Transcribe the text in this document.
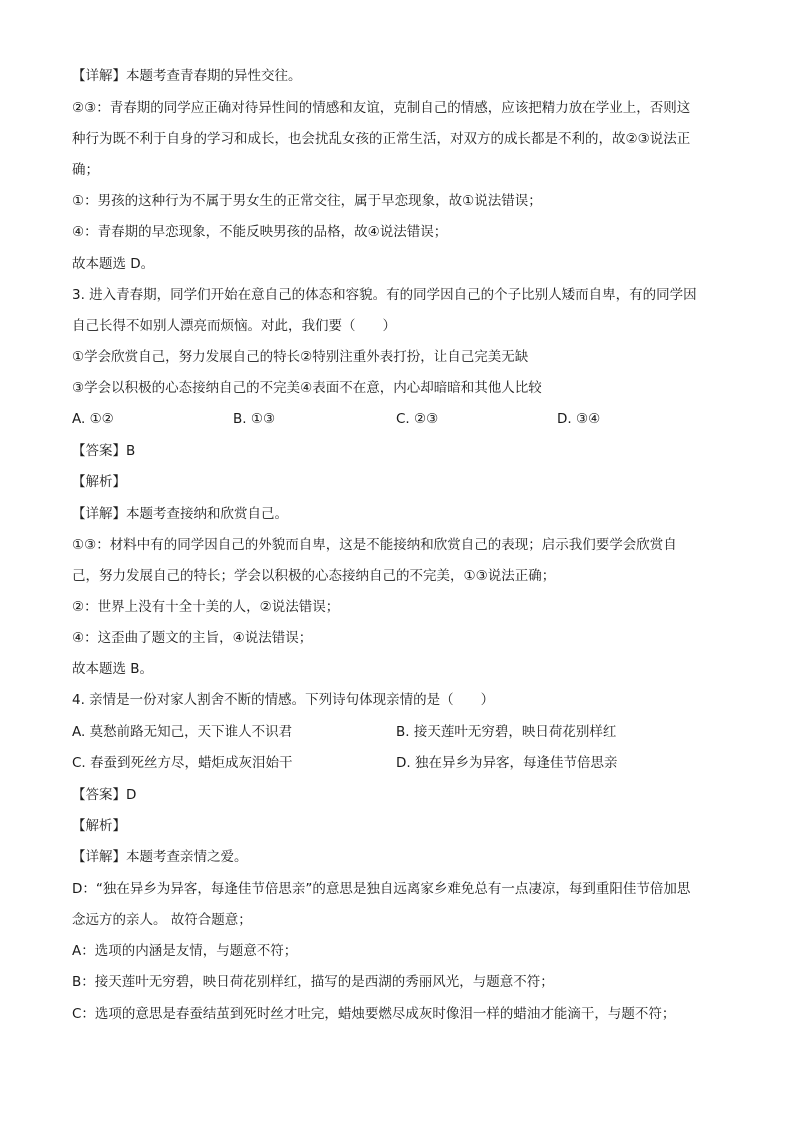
【详解】本题考查青春期的异性交往。
②③：青春期的同学应正确对待异性间的情感和友谊，克制自己的情感，应该把精力放在学业上，否则这
种行为既不利于自身的学习和成长，也会扰乱女孩的正常生活，对双方的成长都是不利的，故②③说法正
确；
①：男孩的这种行为不属于男女生的正常交往，属于早恋现象，故①说法错误；
④：青春期的早恋现象，不能反映男孩的品格，故④说法错误；
故本题选 D。
3. 进入青春期，同学们开始在意自己的体态和容貌。有的同学因自己的个子比别人矮而自卑，有的同学因
自己长得不如别人漂亮而烦恼。对此，我们要（　　）
①学会欣赏自己，努力发展自己的特长②特别注重外表打扮，让自己完美无缺
③学会以积极的心态接纳自己的不完美④表面不在意，内心却暗暗和其他人比较
A. ①②	B. ①③	C. ②③	D. ③④
【答案】B
【解析】
【详解】本题考查接纳和欣赏自己。
①③：材料中有的同学因自己的外貌而自卑，这是不能接纳和欣赏自己的表现；启示我们要学会欣赏自
己，努力发展自己的特长；学会以积极的心态接纳自己的不完美，①③说法正确；
②：世界上没有十全十美的人，②说法错误；
④：这歪曲了题文的主旨，④说法错误；
故本题选 B。
4. 亲情是一份对家人割舍不断的情感。下列诗句体现亲情的是（　　）
A. 莫愁前路无知己，天下谁人不识君	B. 接天莲叶无穷碧，映日荷花别样红
C. 春蚕到死丝方尽，蜡炬成灰泪始干	D. 独在异乡为异客，每逢佳节倍思亲
【答案】D
【解析】
【详解】本题考查亲情之爱。
D：“独在异乡为异客，每逢佳节倍思亲”的意思是独自远离家乡难免总有一点凄凉，每到重阳佳节倍加思
念远方的亲人。 故符合题意；
A：选项的内涵是友情，与题意不符；
B：接天莲叶无穷碧，映日荷花别样红，描写的是西湖的秀丽风光，与题意不符；
C：选项的意思是春蚕结茧到死时丝才吐完，蜡烛要燃尽成灰时像泪一样的蜡油才能滴干，与题不符；
